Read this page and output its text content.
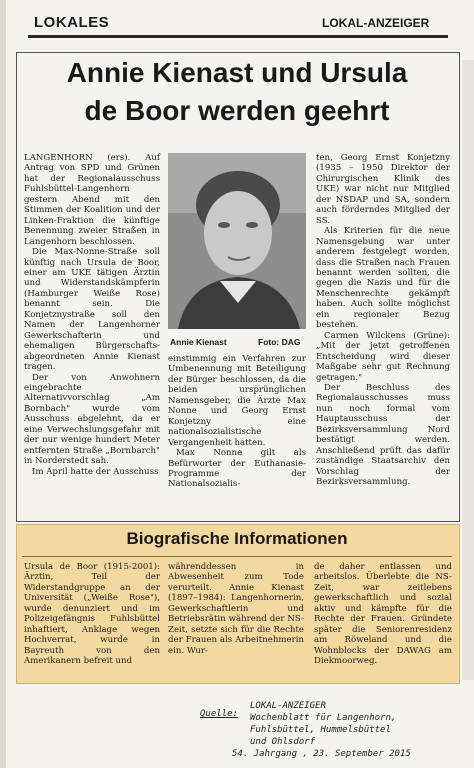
LOKALES	LOKAL-ANZEIGER
Annie Kienast und Ursula
de Boor werden geehrt

LANGENHORN (ers). Auf Antrag von SPD und Grünen hat der Regionalausschuss Fuhlsbüttel-Langenhorn gestern Abend mit den Stimmen der Koalition und der Linken-Fraktion die künftige Benennung zweier Straßen in Langenhorn beschlossen.

Die Max-Nonne-Straße soll künftig nach Ursula de Boor, einer am UKE tätigen Ärztin und Widerstandskämpferin (Hamburger Weiße Rose) benannt sein. Die Konjetznystraße soll den Namen der Langenhorner Gewerkschafterin und ehemaligen Bürgerschafts-abgeordneten Annie Kienast tragen.

Der von Anwohnern eingebrachte Alternativvorschlag „Am Bornbach" wurde vom Ausschuss abgelehnt, da er eine Verwechslungsgefahr mit der nur wenige hundert Meter entfernten Straße „Bornbarch" in Norderstedt sah.

Im April hatte der Ausschuss

Annie Kienast	Foto: DAG

einstimmig ein Verfahren zur Umbenennung mit Beteiligung der Bürger beschlossen, da die beiden ursprünglichen Namensgeber, die Ärzte Max Nonne und Georg Ernst Konjetzny eine nationalsozialistische Vergangenheit hatten.

Max Nonne gilt als Befürworter der Euthanasie-Programme der Nationalsozialis-

ten, Georg Ernst Konjetzny (1935 – 1950 Direktor der Chirurgischen Klinik des UKE) war nicht nur Mitglied der NSDAP und SA, sondern auch förderndes Mitglied der SS.

Als Kriterien für die neue Namensgebung war unter anderem festgelegt worden, dass die Straßen nach Frauen benannt werden sollten, die gegen die Nazis und für die Menschenrechte gekämpft haben. Auch sollte möglichst ein regionaler Bezug bestehen.

Carmen Wilckens (Grüne): „Mit der jetzt getroffenen Entscheidung wird dieser Maßgabe sehr gut Rechnung getragen."

Der Beschluss des Regionalausschusses muss nun noch formal vom Hauptausschuss der Bezirksversammlung Nord bestätigt werden. Anschließend prüft das dafür zuständige Staatsarchiv den Vorschlag der Bezirksversammlung.

Biografische Informationen

Ursula de Boor (1915-2001): Ärztin, Teil der Widerstandgruppe an der Universität („Weiße Rose"), wurde denunziert und im Polizeigefängnis Fuhlsbüttel inhaftiert, Anklage wegen Hochverrat, wurde in Bayreuth von den Amerikanern befreit und

währenddessen in Abwesenheit zum Tode verurteilt. Annie Kienast (1897–1984): Langenhornerin, Gewerkschaftlerin und Betriebsrätin während der NS-Zeit, setzte sich für die Rechte der Frauen als Arbeitnehmerin ein. Wur-

de daher entlassen und arbeitslos. Überlebte die NS-Zeit, war zeitlebens gewerkschaftlich und sozial aktiv und kämpfte für die Rechte der Frauen. Gründete später die Seniorenresidenz am Röweland und die Wohnblocks der DAWAG am Diekmoorweg.

Quelle:
LOKAL-ANZEIGER
Wochenblatt für Langenhorn,
Fuhlsbüttel, Hummelsbüttel
und Ohlsdorf
54. Jahrgang , 23. September 2015
